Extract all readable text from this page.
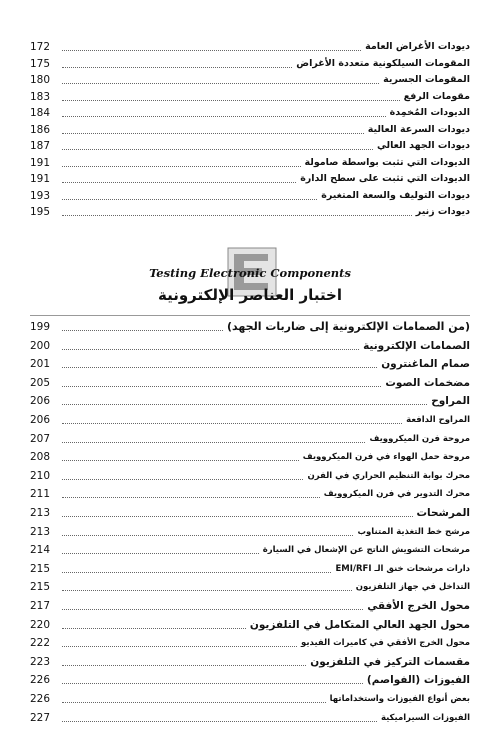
172	ديودات الأغراض العامة
175	المقومات السيلكونية متعددة الأغراض
180	المقومات الجسرية
183	مقومات الرفع
184	الديودات المُخمِدة
186	ديودات السرعة العالية
187	ديودات الجهد العالي
191	الديودات التي تثبت بواسطة صامولة
191	الديودات التي تثبت على سطح الدارة
193	ديودات التوليف والسعة المتغيرة
195	ديودات زنير
Testing Electronic Components
اختبار العناصر الإلكترونية
199	(من الصمامات الإلكترونية إلى ضاربات الجهد)
200	الصمامات الإلكترونية
201	صمام الماغنترون
205	مضخمات الصوت
206	المراوح
206	المراوح الدافعة
207	مروحة فرن الميكروويف
208	مروحة حمل الهواء في فرن الميكروويف
210	محرك بوابة التنظيم الحراري في الفرن
211	محرك التدوير في فرن الميكروويف
213	المرشحات
213	مرشح خط التغذية المتناوب
214	مرشحات التشويش الناتج عن الإشعال في السيارة
215	دارات مرشحات خنق الـ EMI/RFI
215	التداخل في جهاز التلفزيون
217	محول الخرج الأفقي
220	محول الجهد العالي المتكامل في التلفزيون
222	محول الخرج الأفقي في كاميرات الفيديو
223	مقسمات التركيز في التلفزيون
226	الفيوزات (الفواصم)
226	بعض أنواع الفيوزات واستخداماتها
227	الفيوزات السيراميكية
